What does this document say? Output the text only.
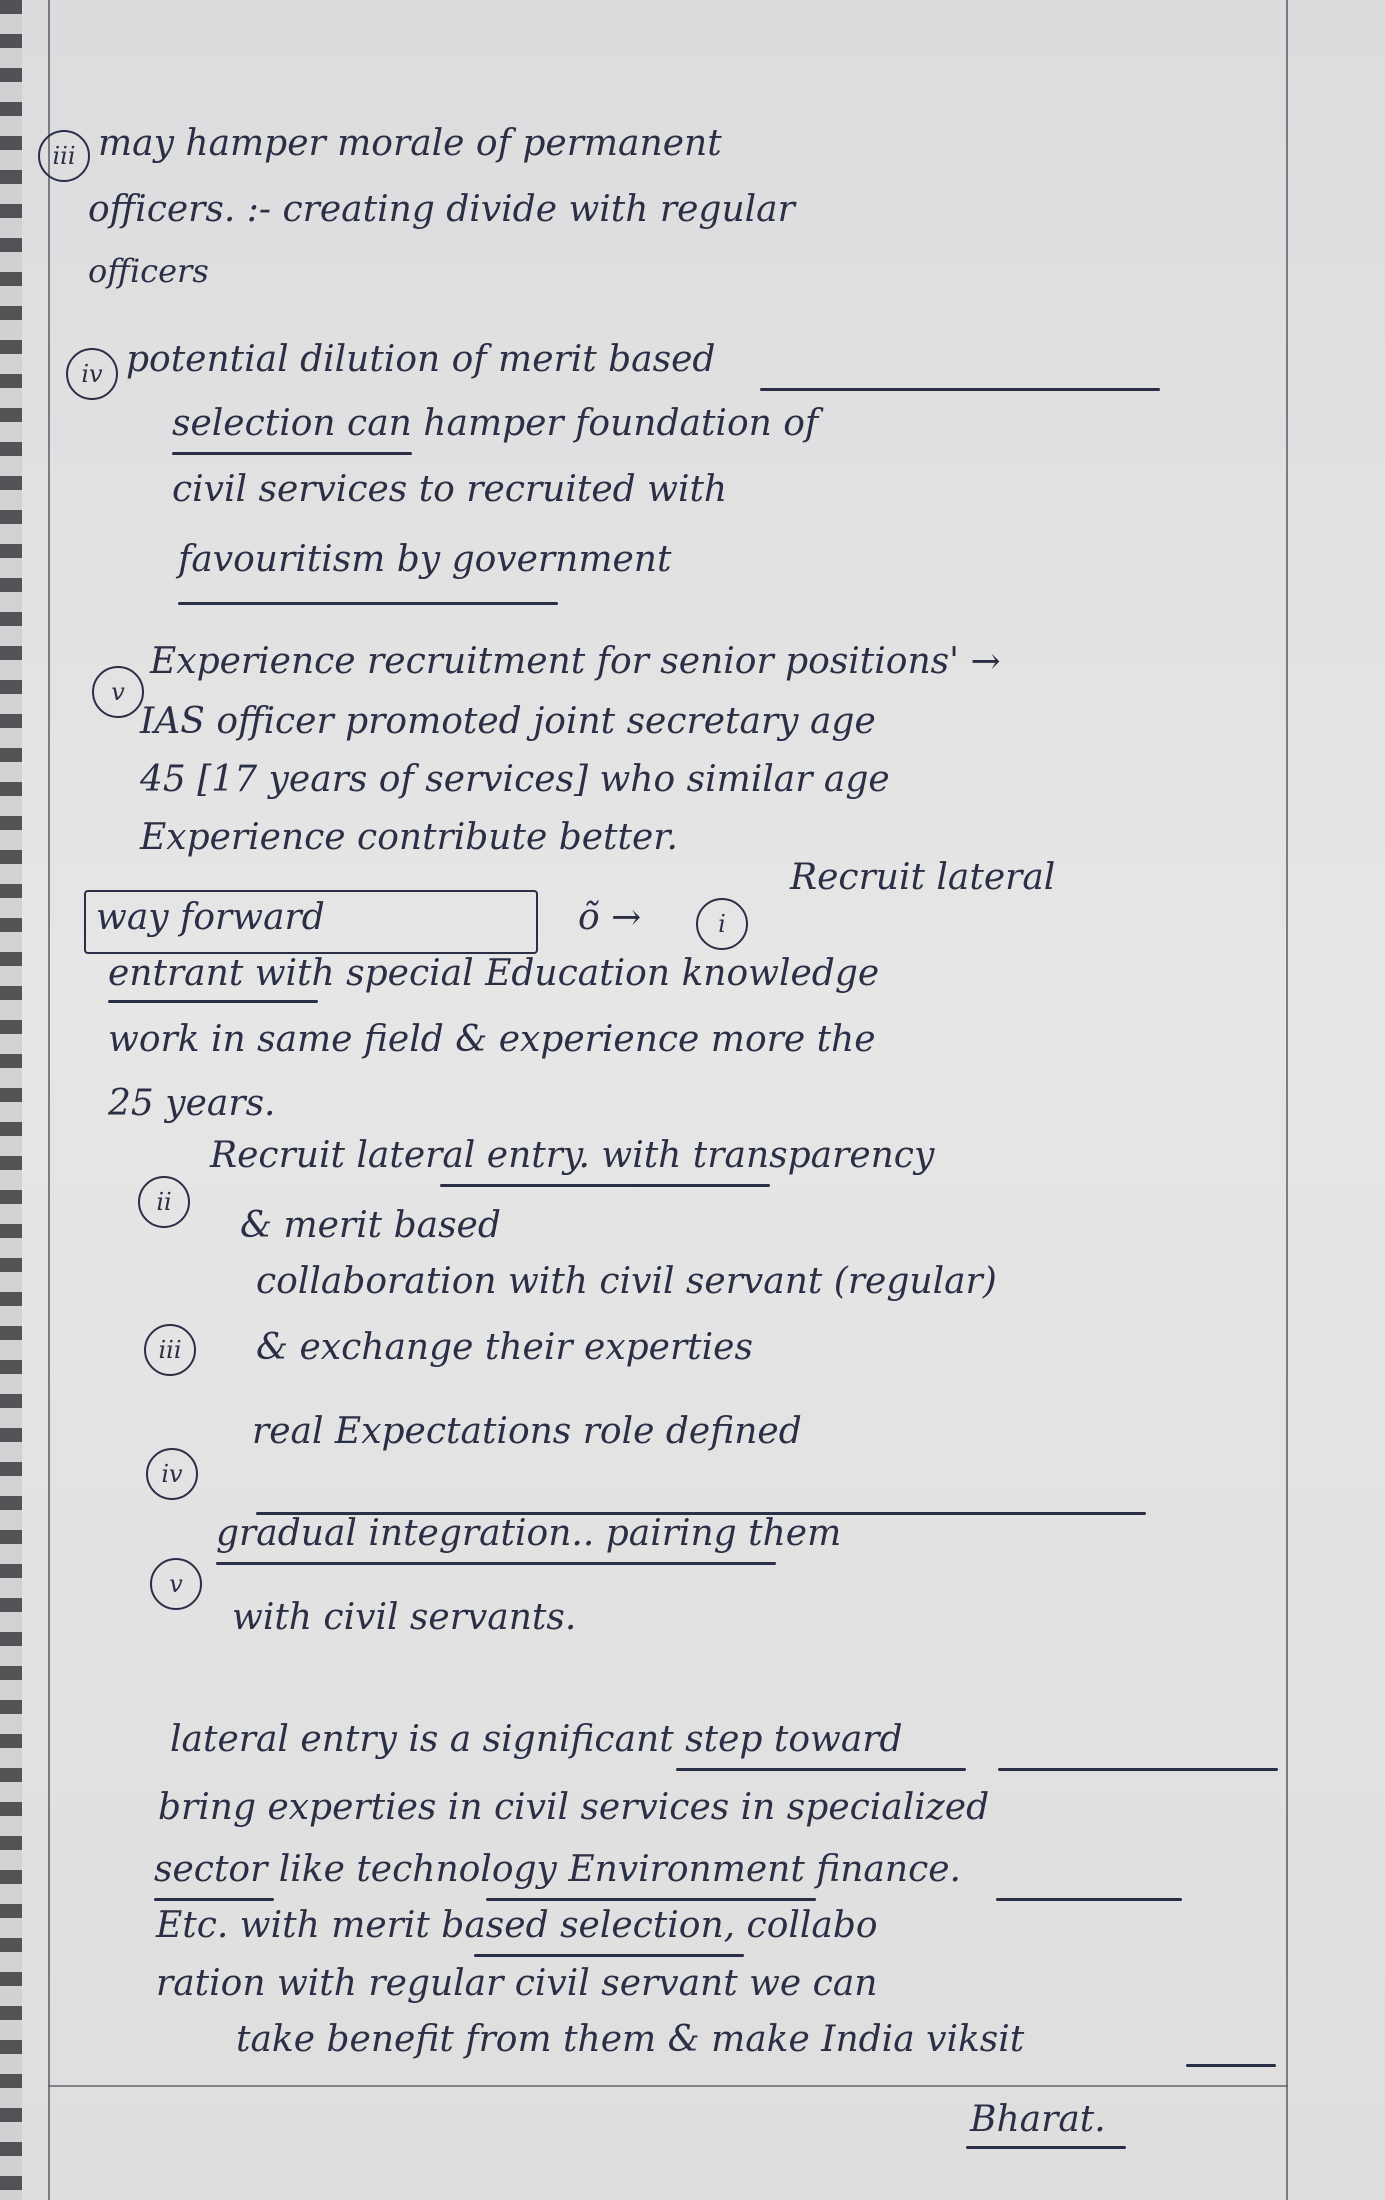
iii may hamper morale of permanent
officers. :- creating divide with regular
officers
iv potential dilution of merit based
selection can hamper foundation of
civil services to recruited with
favouritism by government
v
Experience recruitment for senior positions' →
IAS officer promoted joint secretary age
45 [17 years of services] who similar age
Experience contribute better.
way forward	õ →	i
Recruit lateral
entrant with special Education knowledge
work in same field & experience more the
25 years.
ii
Recruit lateral entry. with transparency
& merit based
iii
collaboration with civil servant (regular)
& exchange their experties
iv
real Expectations role defined
v
gradual integration.. pairing them
with civil servants.
lateral entry is a significant step toward
bring experties in civil services in specialized
sector like technology Environment finance.
Etc. with merit based selection, collabo
ration with regular civil servant we can
take benefit from them & make India viksit
Bharat.
